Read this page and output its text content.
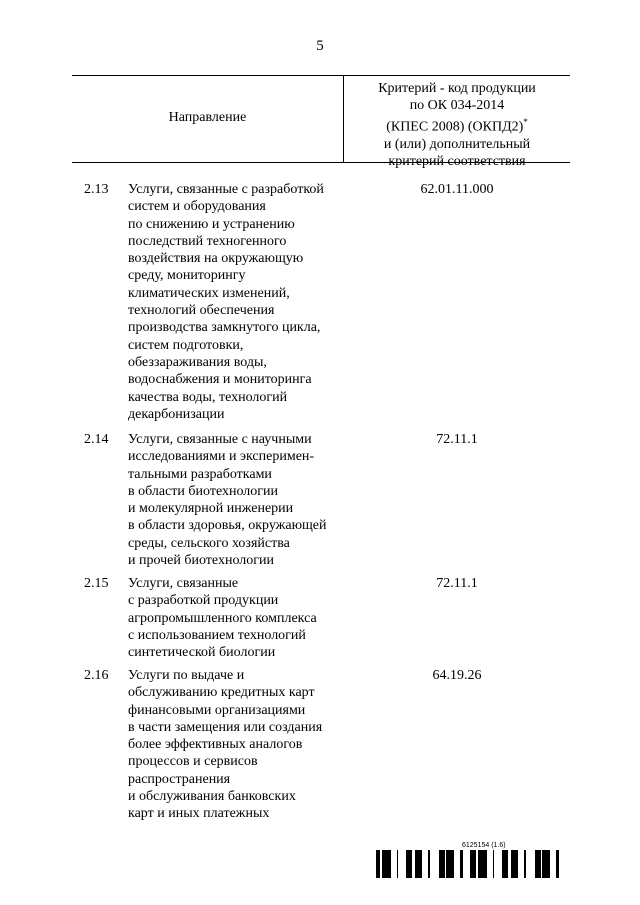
5
Направление
Критерий - код продукции
по ОК 034-2014
(КПЕС 2008) (ОКПД2)*
и (или) дополнительный
критерий соответствия
2.13 Услуги, связанные с разработкой
систем и оборудования
по снижению и устранению
последствий техногенного
воздействия на окружающую
среду, мониторингу
климатических изменений,
технологий обеспечения
производства замкнутого цикла,
систем подготовки,
обеззараживания воды,
водоснабжения и мониторинга
качества воды, технологий
декарбонизации
62.01.11.000
2.14 Услуги, связанные с научными
исследованиями и эксперимен-
тальными разработками
в области биотехнологии
и молекулярной инженерии
в области здоровья, окружающей
среды, сельского хозяйства
и прочей биотехнологии
72.11.1
2.15 Услуги, связанные
с разработкой продукции
агропромышленного комплекса
с использованием технологий
синтетической биологии
72.11.1
2.16 Услуги по выдаче и
обслуживанию кредитных карт
финансовыми организациями
в части замещения или создания
более эффективных аналогов
процессов и сервисов
распространения
и обслуживания банковских
карт и иных платежных
64.19.26
6125154 (1.6)
